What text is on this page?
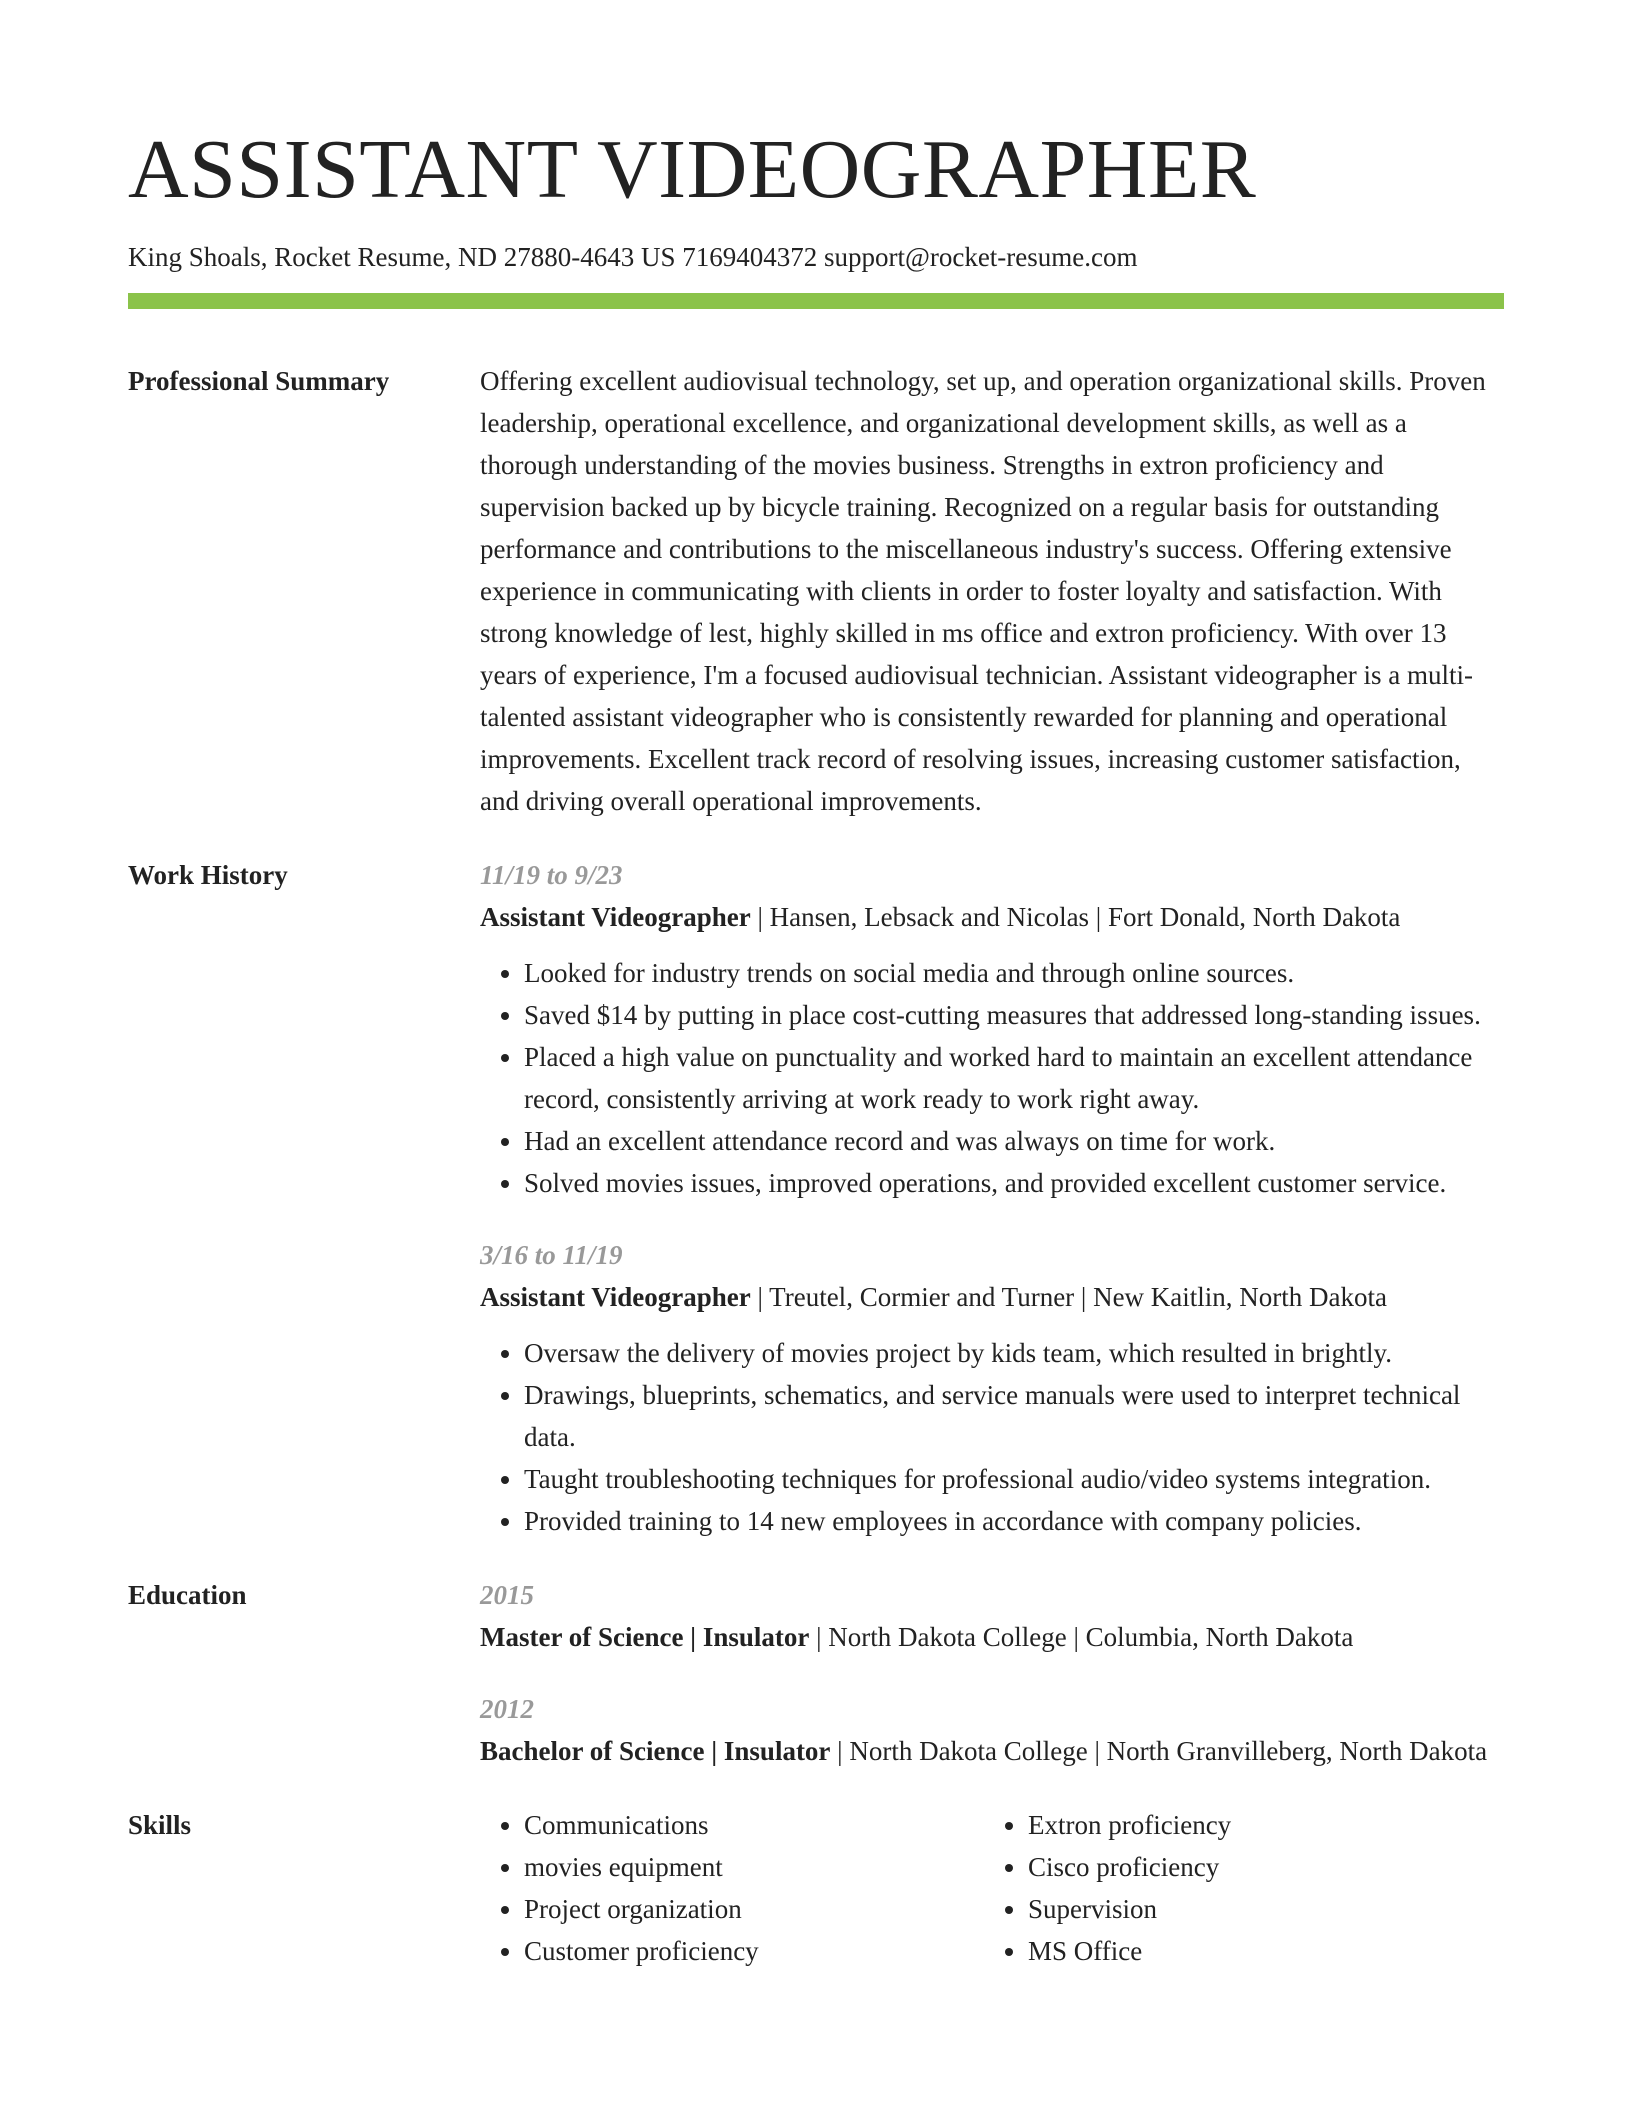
ASSISTANT VIDEOGRAPHER
King Shoals, Rocket Resume, ND 27880-4643 US 7169404372 support@rocket-resume.com
Professional Summary	Offering excellent audiovisual technology, set up, and operation organizational skills. Proven leadership, operational excellence, and organizational development skills, as well as a thorough understanding of the movies business. Strengths in extron proficiency and supervision backed up by bicycle training. Recognized on a regular basis for outstanding performance and contributions to the miscellaneous industry's success. Offering extensive experience in communicating with clients in order to foster loyalty and satisfaction. With strong knowledge of lest, highly skilled in ms office and extron proficiency. With over 13 years of experience, I'm a focused audiovisual technician. Assistant videographer is a multi-talented assistant videographer who is consistently rewarded for planning and operational improvements. Excellent track record of resolving issues, increasing customer satisfaction, and driving overall operational improvements.

Work History	11/19 to 9/23
Assistant Videographer | Hansen, Lebsack and Nicolas | Fort Donald, North Dakota
• Looked for industry trends on social media and through online sources.
• Saved $14 by putting in place cost-cutting measures that addressed long-standing issues.
• Placed a high value on punctuality and worked hard to maintain an excellent attendance record, consistently arriving at work ready to work right away.
• Had an excellent attendance record and was always on time for work.
• Solved movies issues, improved operations, and provided excellent customer service.
3/16 to 11/19
Assistant Videographer | Treutel, Cormier and Turner | New Kaitlin, North Dakota
• Oversaw the delivery of movies project by kids team, which resulted in brightly.
• Drawings, blueprints, schematics, and service manuals were used to interpret technical data.
• Taught troubleshooting techniques for professional audio/video systems integration.
• Provided training to 14 new employees in accordance with company policies.
Education	2015
Master of Science | Insulator | North Dakota College | Columbia, North Dakota
2012
Bachelor of Science | Insulator | North Dakota College | North Granvilleberg, North Dakota
Skills
•	Communications
• movies equipment
• Project organization
• Customer proficiency
• Extron proficiency
• Cisco proficiency
• Supervision
• MS Office
